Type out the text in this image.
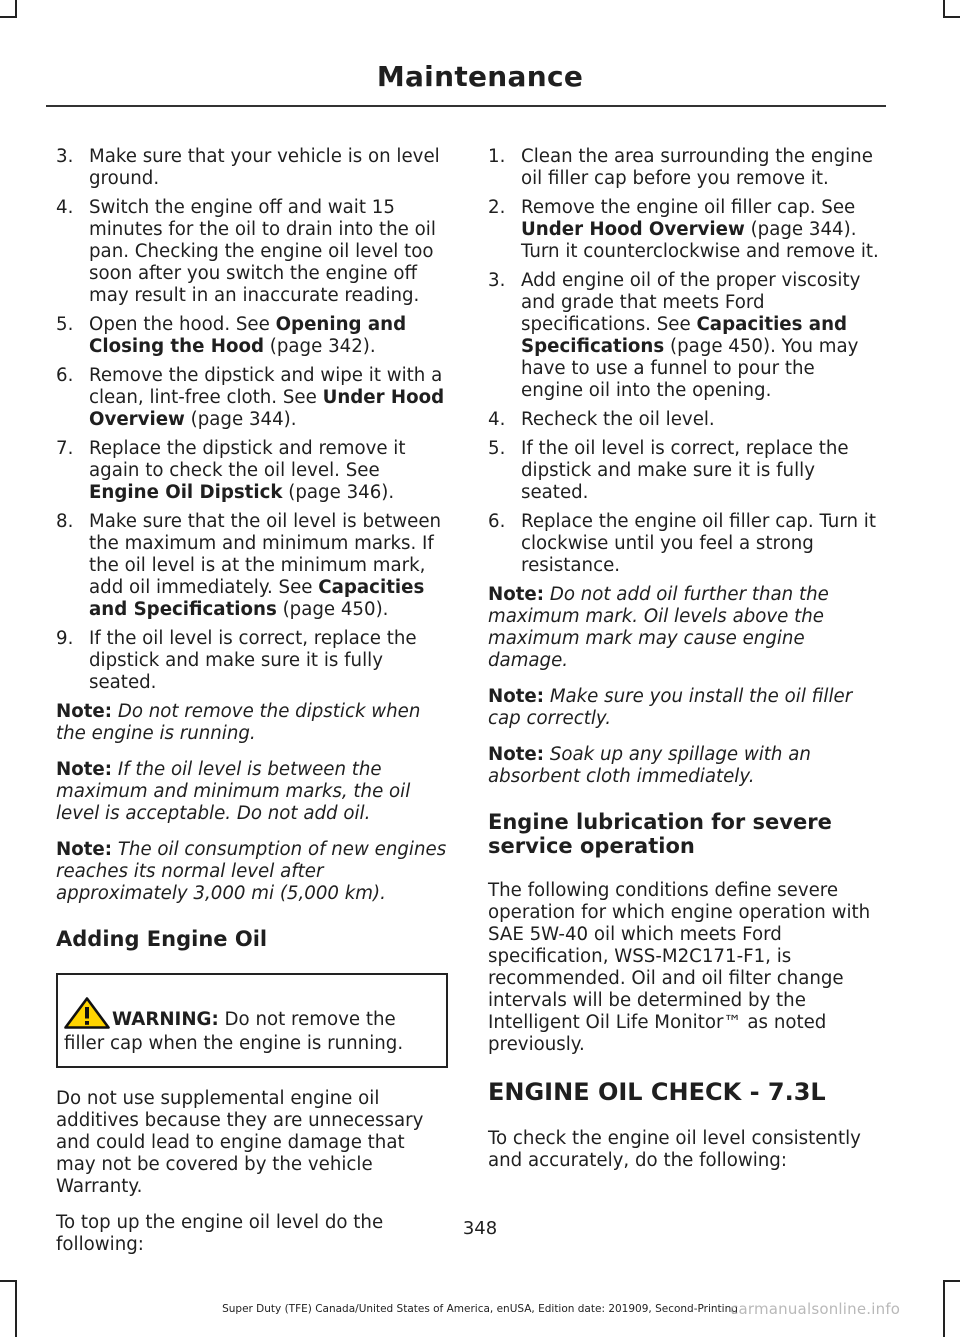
Maintenance
3. Make sure that your vehicle is on level ground.
4. Switch the engine off and wait 15 minutes for the oil to drain into the oil pan. Checking the engine oil level too soon after you switch the engine off may result in an inaccurate reading.
5. Open the hood. See Opening and Closing the Hood (page 342).
6. Remove the dipstick and wipe it with a clean, lint-free cloth. See Under Hood Overview (page 344).
7. Replace the dipstick and remove it again to check the oil level. See Engine Oil Dipstick (page 346).
8. Make sure that the oil level is between the maximum and minimum marks. If the oil level is at the minimum mark, add oil immediately. See Capacities and Specifications (page 450).
9. If the oil level is correct, replace the dipstick and make sure it is fully seated.

Note: Do not remove the dipstick when the engine is running.

Note: If the oil level is between the maximum and minimum marks, the oil level is acceptable. Do not add oil.

Note: The oil consumption of new engines reaches its normal level after approximately 3,000 mi (5,000 km).

Adding Engine Oil

WARNING: Do not remove the filler cap when the engine is running.

Do not use supplemental engine oil additives because they are unnecessary and could lead to engine damage that may not be covered by the vehicle Warranty.

To top up the engine oil level do the following:

1. Clean the area surrounding the engine oil filler cap before you remove it.
2. Remove the engine oil filler cap. See Under Hood Overview (page 344). Turn it counterclockwise and remove it.
3. Add engine oil of the proper viscosity and grade that meets Ford specifications. See Capacities and Specifications (page 450). You may have to use a funnel to pour the engine oil into the opening.
4. Recheck the oil level.
5. If the oil level is correct, replace the dipstick and make sure it is fully seated.
6. Replace the engine oil filler cap. Turn it clockwise until you feel a strong resistance.

Note: Do not add oil further than the maximum mark. Oil levels above the maximum mark may cause engine damage.

Note: Make sure you install the oil filler cap correctly.

Note: Soak up any spillage with an absorbent cloth immediately.

Engine lubrication for severe service operation

The following conditions define severe operation for which engine operation with SAE 5W-40 oil which meets Ford specification, WSS-M2C171-F1, is recommended. Oil and oil filter change intervals will be determined by the Intelligent Oil Life Monitor™ as noted previously.

ENGINE OIL CHECK - 7.3L

To check the engine oil level consistently and accurately, do the following:

348
Super Duty (TFE) Canada/United States of America, enUSA, Edition date: 201909, Second-Printing
carmanualsonline.info
